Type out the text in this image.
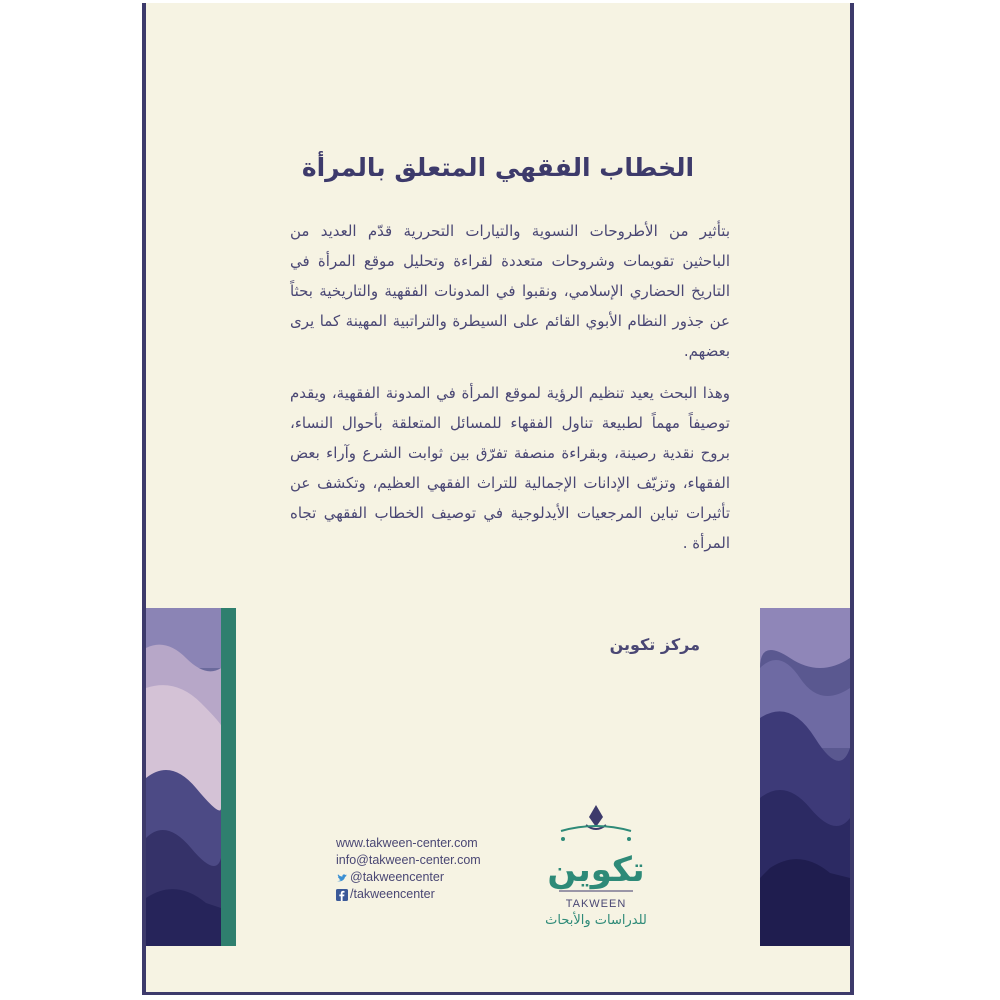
الخطاب الفقهي المتعلق بالمرأة
بتأثير من الأطروحات النسوية والتيارات التحررية قدّم العديد من الباحثين تقويمات وشروحات متعددة لقراءة وتحليل موقع المرأة في التاريخ الحضاري الإسلامي، ونقبوا في المدونات الفقهية والتاريخية بحثاً عن جذور النظام الأبوي القائم على السيطرة والتراتبية المهينة كما يرى بعضهم.
وهذا البحث يعيد تنظيم الرؤية لموقع المرأة في المدونة الفقهية، ويقدم توصيفاً مهماً لطبيعة تناول الفقهاء للمسائل المتعلقة بأحوال النساء، بروح نقدية رصينة، وبقراءة منصفة تفرّق بين ثوابت الشرع وآراء بعض الفقهاء، وتزيّف الإدانات الإجمالية للتراث الفقهي العظيم، وتكشف عن تأثيرات تباين المرجعيات الأيدلوجية في توصيف الخطاب الفقهي تجاه المرأة .
مركز تكوين
www.takween-center.com
info@takween-center.com
@takweencenter
/takweencenter
تكوين
TAKWEEN
للدراسات والأبحاث
